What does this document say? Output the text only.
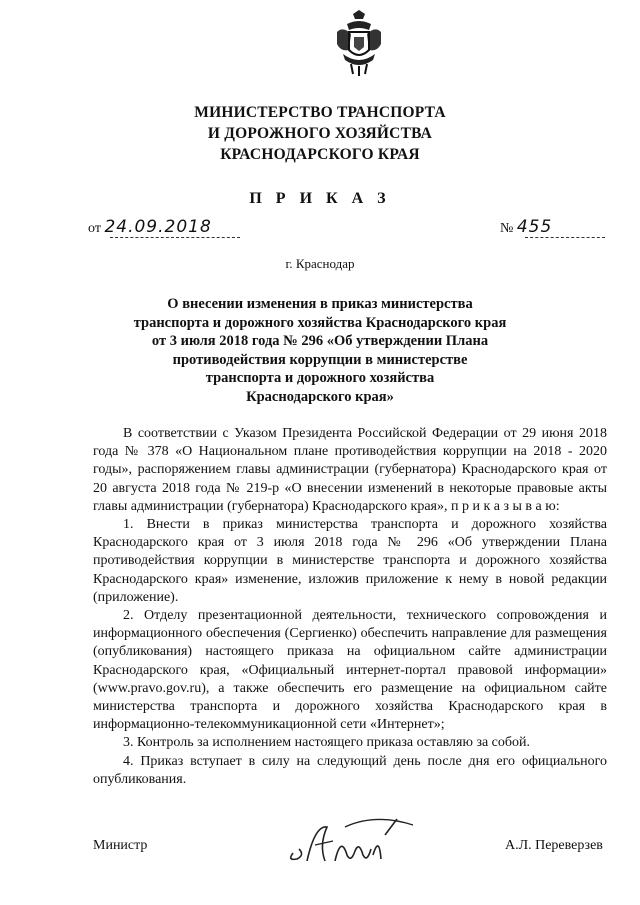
МИНИСТЕРСТВО ТРАНСПОРТА
И ДОРОЖНОГО ХОЗЯЙСТВА
КРАСНОДАРСКОГО КРАЯ
П Р И К А З
от 24.09.2018	№ 455
г. Краснодар
О внесении изменения в приказ министерства
транспорта и дорожного хозяйства Краснодарского края
от 3 июля 2018 года № 296 «Об утверждении Плана
противодействия коррупции в министерстве
транспорта и дорожного хозяйства
Краснодарского края»

В соответствии с Указом Президента Российской Федерации от 29 июня 2018 года № 378 «О Национальном плане противодействия коррупции на 2018 - 2020 годы», распоряжением главы администрации (губернатора) Краснодарского края от 20 августа 2018 года № 219-р «О внесении изменений в некоторые правовые акты главы администрации (губернатора) Краснодарского края», п р и к а з ы в а ю:

1. Внести в приказ министерства транспорта и дорожного хозяйства Краснодарского края от 3 июля 2018 года № 296 «Об утверждении Плана противодействия коррупции в министерстве транспорта и дорожного хозяйства Краснодарского края» изменение, изложив приложение к нему в новой редакции (приложение).

2. Отделу презентационной деятельности, технического сопровождения и информационного обеспечения (Сергиенко) обеспечить направление для размещения (опубликования) настоящего приказа на официальном сайте администрации Краснодарского края, «Официальный интернет-портал правовой информации» (www.pravo.gov.ru), а также обеспечить его размещение на официальном сайте министерства транспорта и дорожного хозяйства Краснодарского края в информационно-телекоммуникационной сети «Интернет»;

3. Контроль за исполнением настоящего приказа оставляю за собой.

4. Приказ вступает в силу на следующий день после дня его официального опубликования.

Министр	А.Л. Переверзев
